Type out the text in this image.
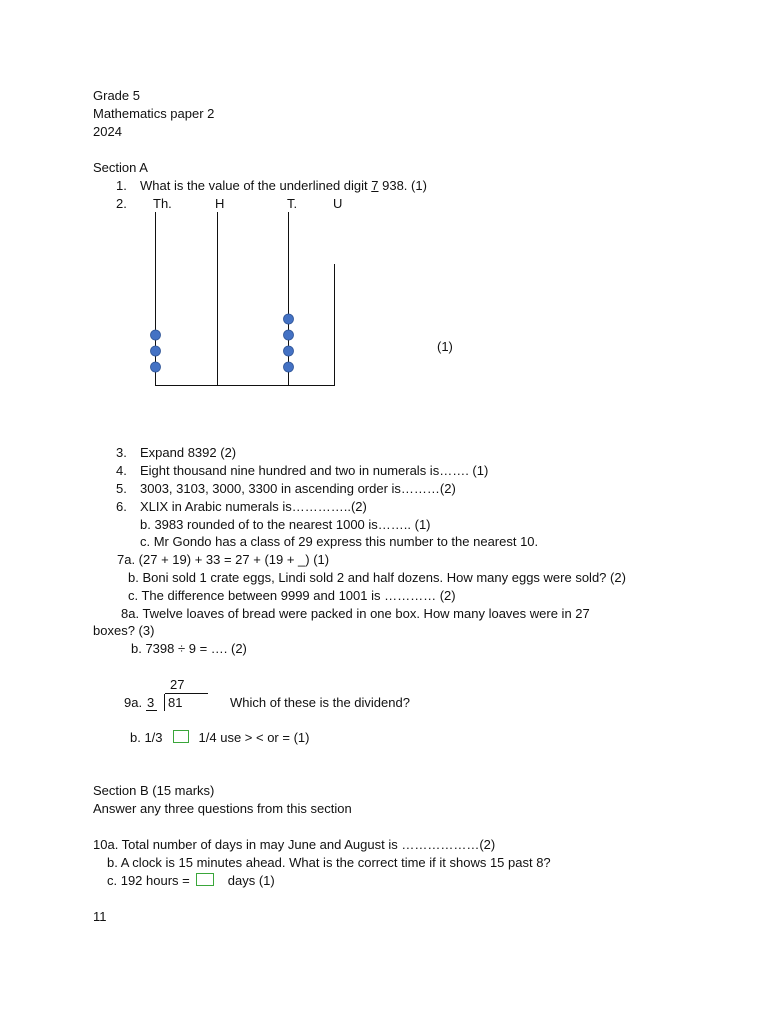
Grade 5
Mathematics paper 2
2024
Section A
1. What is the value of the underlined digit 7 938. (1)
2. Th.	H	T.	U
(1)
3. Expand 8392 (2)
4. Eight thousand nine hundred and two in numerals is……. (1)
5. 3003, 3103, 3000, 3300 in ascending order is………(2)
6. XLIX in Arabic numerals is…………..(2)
b. 3983 rounded of to the nearest 1000 is…….. (1)
c. Mr Gondo has a class of 29 express this number to the nearest 10.
7a. (27 + 19) + 33 = 27 + (19 + _) (1)
b. Boni sold 1 crate eggs, Lindi sold 2 and half dozens. How many eggs were sold? (2)
c. The difference between 9999 and 1001 is ………… (2)
8a. Twelve loaves of bread were packed in one box. How many loaves were in 27
boxes? (3)
b. 7398 ÷ 9 = …. (2)
27
9a. 3 81	Which of these is the dividend?
b. 1/3	1/4 use > < or = (1)
Section B (15 marks)
Answer any three questions from this section
10a. Total number of days in may June and August is ………………(2)
b. A clock is 15 minutes ahead. What is the correct time if it shows 15 past 8?
c. 192 hours =	days (1)
11
